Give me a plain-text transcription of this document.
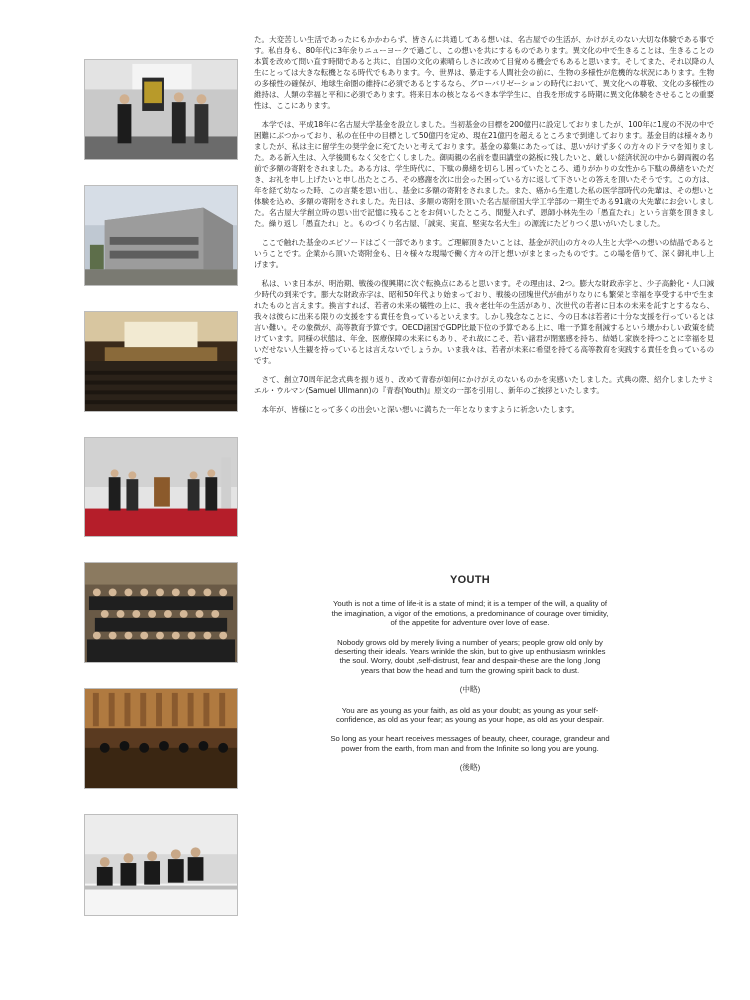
た。大変苦しい生活であったにもかかわらず、皆さんに共通してある想いは、名古屋での生活が、かけがえのない大切な体験である事です。私自身も、80年代に3年余りニューヨークで過ごし、この想いを共にするものであります。異文化の中で生きることは、生きることの本質を改めて問い直す時間であると共に、自国の文化の素晴らしさに改めて目覚める機会でもあると思います。そしてまた、それ以降の人生にとっては大きな転機となる時代でもあります。今、世界は、暴走する人間社会の前に、生物の多様性が危機的な状況にあります。生物の多様性の確保が、地球生命圏の維持に必須であるとするなら、グローバリゼーションの時代において、異文化への尊敬、文化の多様性の維持は、人類の幸福と平和に必須であります。将来日本の核となるべき本学学生に、自我を形成する時期に異文化体験をさせることの重要性は、ここにあります。

本学では、平成18年に名古屋大学基金を設立しました。当初基金の目標を200億円に設定しておりましたが、100年に1度の不況の中で困難にぶつかっており、私の在任中の目標として50億円を定め、現在21億円を超えるところまで到達しております。基金目的は様々ありましたが、私は主に留学生の奨学金に充てたいと考えております。基金の募集にあたっては、思いがけず多くの方々のドラマを知りました。ある新入生は、入学後間もなく父を亡くしました。御両親の名前を豊田講堂の銘板に残したいと、厳しい経済状況の中から御両親の名前で多額の寄附をされました。ある方は、学生時代に、下駄の鼻緒を切らし困っていたところ、通りがかりの女性から下駄の鼻緒をいただき、お礼を申し上げたいと申し出たところ、その感謝を次に出会った困っている方に返して下さいとの答えを頂いたそうです。この方は、年を経て幼なった時、この言葉を思い出し、基金に多額の寄附をされました。また、癌から生還した私の医学部時代の先輩は、その想いと体験を込め、多額の寄附をされました。先日は、多額の寄附を頂いた名古屋帝国大学工学部の一期生である91歳の大先輩にお会いしました。名古屋大学創立時の思い出で記憶に残ることをお伺いしたところ、間髪入れず、恩師小林先生の「愚直たれ」という言葉を頂きました。繰り返し「愚直たれ」と。ものづくり名古屋、「誠実、実直、堅実な名大生」の源流にたどりつく思いがいたしました。

ここで触れた基金のエピソードはごく一部であります。ご理解頂きたいことは、基金が沢山の方々の人生と大学への想いの結晶であるということです。企業から頂いた寄附金も、日々様々な現場で働く方々の汗と想いがまとまったものです。この場を借りて、深く御礼申し上げます。

私は、いま日本が、明治期、戦後の復興期に次ぐ転換点にあると思います。その理由は、2つ。膨大な財政赤字と、少子高齢化・人口減少時代の到来です。膨大な財政赤字は、昭和50年代より始まっており、戦後の団塊世代が曲がりなりにも繁栄と幸福を享受する中で生まれたものと言えます。換言すれば、若者の未来の犠牲の上に、我々老壮年の生活があり、次世代の若者に日本の未来を託すとするなら、我々は彼らに出来る限りの支援をする責任を負っているといえます。しかし残念なことに、今の日本は若者に十分な支援を行っているとは言い難い。その象徴が、高等教育予算です。OECD諸国でGDP比最下位の予算である上に、唯一予算を削減するという壊かわしい政策を続けています。同様の状態は、年金、医療保障の未来にもあり、それ故にこそ、若い諸君が閉塞感を持ち、結婚し家族を持つことに幸福を見いだせない人生観を持っているとは言えないでしょうか。いま我々は、若者が未来に希望を持てる高等教育を実践する責任を負っているのです。

さて、創立70周年記念式典を振り返り、改めて青春が如何にかけがえのないものかを実感いたしました。式典の際、紹介しましたサミエル・ウルマン(Samuel Ullmann)の『青春(Youth)』原文の一部を引用し、新年のご挨拶といたします。

本年が、皆様にとって多くの出会いと深い想いに満ちた一年となりますように祈念いたします。

YOUTH

Youth is not a time of life-it is a state of mind; it is a temper of the will, a quality of the imagination, a vigor of the emotions, a predominance of courage over timidity, of the appetite for adventure over love of ease.

Nobody grows old by merely living a number of years; people grow old only by deserting their ideals. Years wrinkle the skin, but to give up enthusiasm wrinkles the soul. Worry, doubt ,self-distrust, fear and despair-these are the long ,long years that bow the head and turn the growing spirit back to dust.

(中略)

You are as young as your faith, as old as your doubt; as young as your self-confidence, as old as your fear; as young as your hope, as old as your despair.

So long as your heart receives messages of beauty, cheer, courage, grandeur and power from the earth, from man and from the Infinite so long you are young.

(後略)
